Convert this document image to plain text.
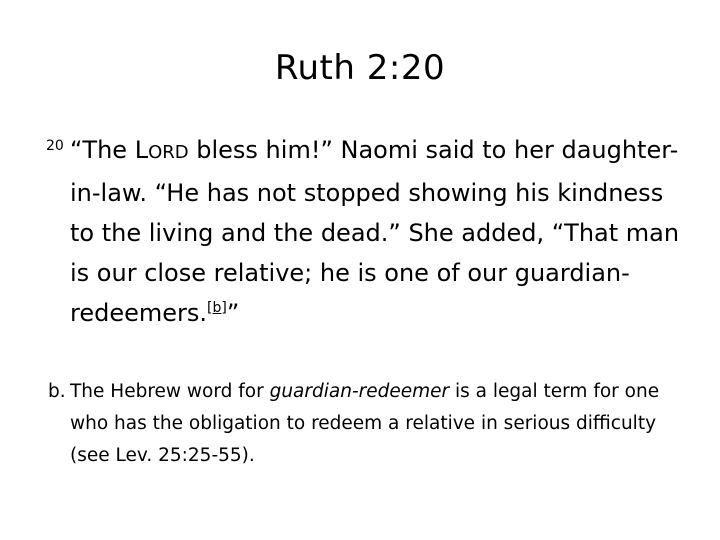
Ruth 2:20
20 “The LORD bless him!” Naomi said to her daughter-in-law. “He has not stopped showing his kindness to the living and the dead.” She added, “That man is our close relative; he is one of our guardian-redeemers.[b]”
b. The Hebrew word for guardian-redeemer is a legal term for one who has the obligation to redeem a relative in serious difficulty (see Lev. 25:25-55).
